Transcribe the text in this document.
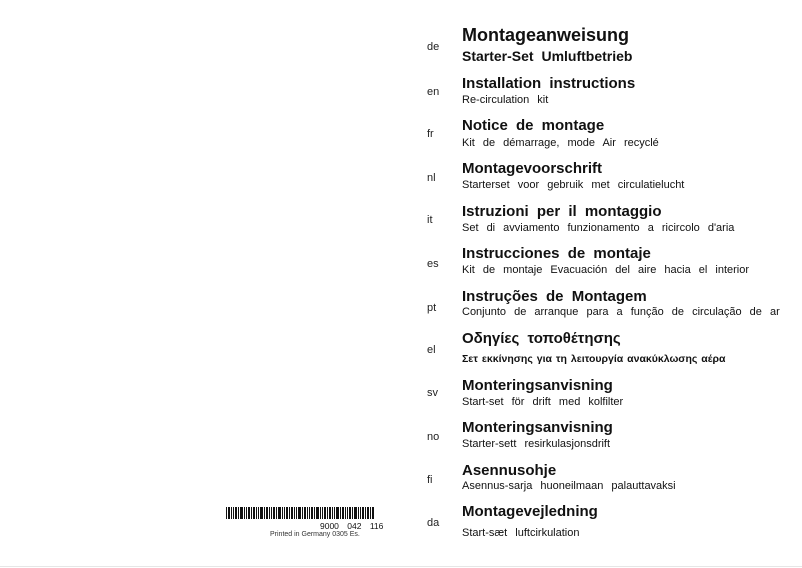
de
Montageanweisung
Starter-Set Umluftbetrieb
en Installation instructions
Re-circulation kit
fr Notice de montage
Kit de démarrage, mode Air recyclé
nl
Montagevoorschrift
Starterset voor gebruik met circulatielucht
it Istruzioni per il montaggio
Set di avviamento funzionamento a ricircolo d'aria
es
Instrucciones de montaje
Kit de montaje Evacuación del aire hacia el interior
pt
Instruções de Montagem
Conjunto de arranque para a função de circulação de ar
el
Οδηγίες τοποθέτησης
Σετ εκκίνησης για τη λειτουργία ανακύκλωσης αέρα
sv Monteringsanvisning
Start-set för drift med kolfilter
no
Monteringsanvisning
Starter-sett resirkulasjonsdrift
fi
Asennusohje
Asennus-sarja huoneilmaan palauttavaksi
da
Montagevejledning
Start-sæt luftcirkulation
9000 042 116
Printed in Germany 0305 Es.
